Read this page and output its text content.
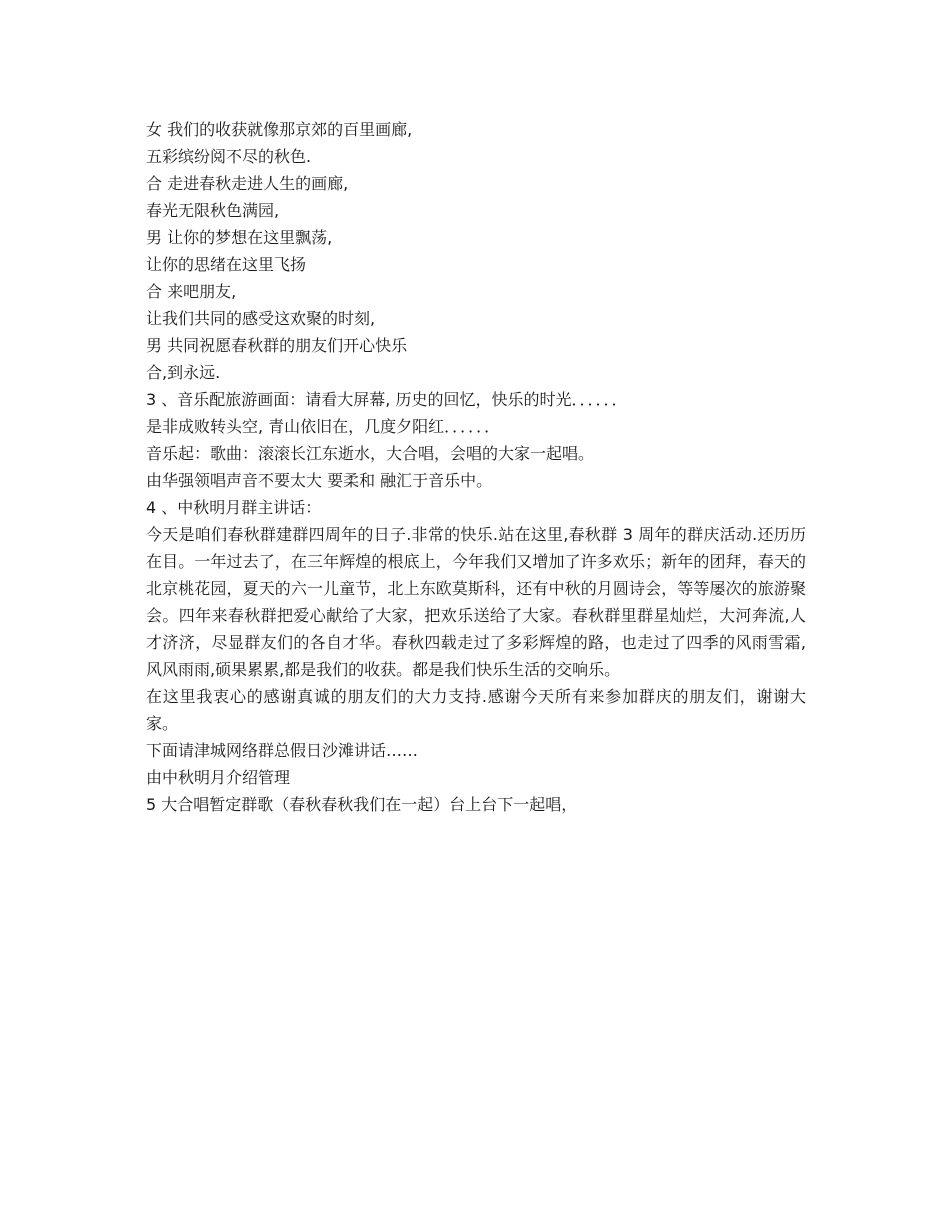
女 我们的收获就像那京郊的百里画廊,

五彩缤纷阅不尽的秋色.

合 走进春秋走进人生的画廊,

春光无限秋色满园,

男 让你的梦想在这里飘荡,

让你的思绪在这里飞扬

合 来吧朋友,

让我们共同的感受这欢聚的时刻,

男 共同祝愿春秋群的朋友们开心快乐

合,到永远.

3 、音乐配旅游画面：请看大屏幕, 历史的回忆，快乐的时光．．．．．．

是非成败转头空, 青山依旧在，几度夕阳红．．．．．．

音乐起：歌曲：滚滚长江东逝水，大合唱，会唱的大家一起唱。

由华强领唱声音不要太大 要柔和 融汇于音乐中。

4 、中秋明月群主讲话：

今天是咱们春秋群建群四周年的日子.非常的快乐.站在这里,春秋群 3 周年的群庆活动.还历历在目。一年过去了，在三年辉煌的根底上，今年我们又增加了许多欢乐；新年的团拜，春天的北京桃花园，夏天的六一儿童节，北上东欧莫斯科，还有中秋的月圆诗会，等等屡次的旅游聚会。四年来春秋群把爱心献给了大家，把欢乐送给了大家。春秋群里群星灿烂，大河奔流,人才济济，尽显群友们的各自才华。春秋四载走过了多彩辉煌的路，也走过了四季的风雨雪霜,风风雨雨,硕果累累,都是我们的收获。都是我们快乐生活的交响乐。

在这里我衷心的感谢真诚的朋友们的大力支持.感谢今天所有来参加群庆的朋友们，谢谢大家。

下面请津城网络群总假日沙滩讲话……

由中秋明月介绍管理

5 大合唱暂定群歌（春秋春秋我们在一起）台上台下一起唱，
